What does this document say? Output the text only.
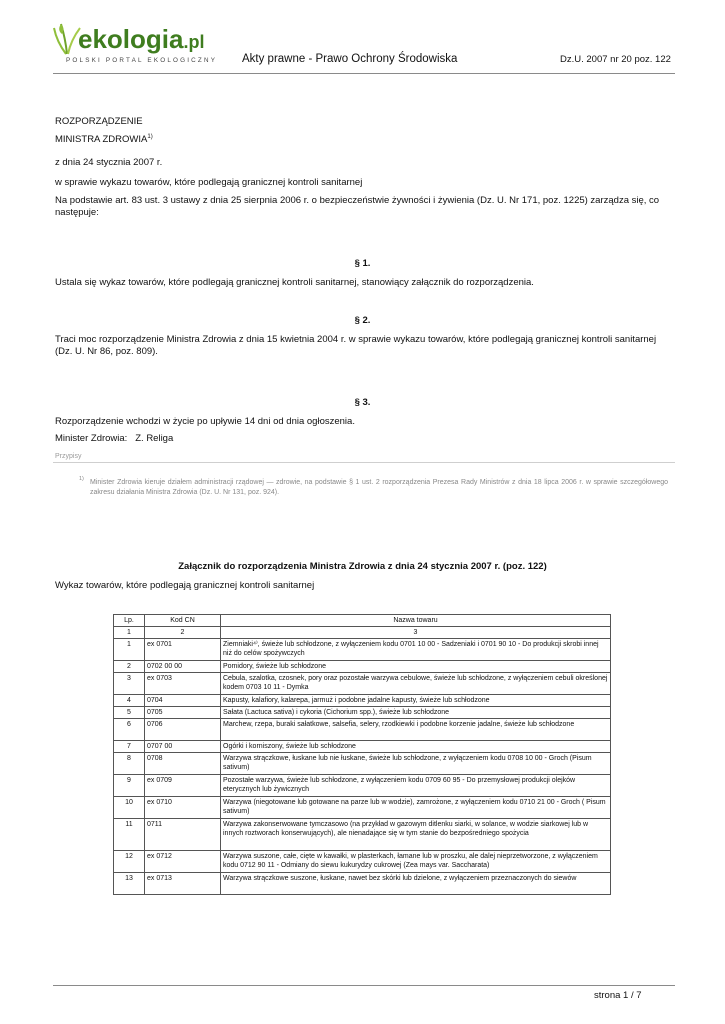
ekologia.pl
POLSKI PORTAL EKOLOGICZNY Akty prawne - Prawo Ochrony Środowiska	Dz.U. 2007 nr 20 poz. 122
ROZPORZĄDZENIE
MINISTRA ZDROWIA$^{1)}$
z dnia 24 stycznia 2007 r.
w sprawie wykazu towarów, które podlegają granicznej kontroli sanitarnej
Na podstawie art. 83 ust. 3 ustawy z dnia 25 sierpnia 2006 r. o bezpieczeństwie żywności i żywienia (Dz. U. Nr 171, poz. 1225) zarządza się, co następuje:
§ 1.
Ustala się wykaz towarów, które podlegają granicznej kontroli sanitarnej, stanowiący załącznik do rozporządzenia.
§ 2.
Traci moc rozporządzenie Ministra Zdrowia z dnia 15 kwietnia 2004 r. w sprawie wykazu towarów, które podlegają granicznej kontroli sanitarnej (Dz. U. Nr 86, poz. 809).
§ 3.
Rozporządzenie wchodzi w życie po upływie 14 dni od dnia ogłoszenia.
Minister Zdrowia:   Z. Religa
Przypisy
1) Minister Zdrowia kieruje działem administracji rządowej — zdrowie, na podstawie § 1 ust. 2 rozporządzenia Prezesa Rady Ministrów z dnia 18 lipca 2006 r. w sprawie szczegółowego zakresu działania Ministra Zdrowia (Dz. U. Nr 131, poz. 924).
Załącznik do rozporządzenia Ministra Zdrowia z dnia 24 stycznia 2007 r. (poz. 122)
Wykaz towarów, które podlegają granicznej kontroli sanitarnej
Lp.	Kod CN	Nazwa towaru
1	2	3
1	ex 0701	Ziemniaki⁴⁾, świeże lub schłodzone, z wyłączeniem kodu 0701 10 00 - Sadzeniaki i 0701 90 10 - Do produkcji skrobi innej niż do celów spożywczych
2	0702 00 00	Pomidory, świeże lub schłodzone
3	ex 0703	Cebula, szalotka, czosnek, pory oraz pozostałe warzywa cebulowe, świeże lub schłodzone, z wyłączeniem cebuli określonej kodem 0703 10 11 - Dymka
4	0704	Kapusty, kalafiory, kalarepa, jarmuż i podobne jadalne kapusty, świeże lub schłodzone
5	0705	Sałata (Lactuca sativa) i cykoria (Cichorium spp.), świeże lub schłodzone
6	0706	Marchew, rzepa, buraki sałatkowe, salsefia, selery, rzodkiewki i podobne korzenie jadalne, świeże lub schłodzone
7	0707 00	Ogórki i korniszony, świeże lub schłodzone
8	0708	Warzywa strączkowe, łuskane lub nie łuskane, świeże lub schłodzone, z wyłączeniem kodu 0708 10 00 - Groch (Pisum sativum)
9	ex 0709	Pozostałe warzywa, świeże lub schłodzone, z wyłączeniem kodu 0709 60 95 - Do przemysłowej produkcji olejków eterycznych lub żywicznych
10	ex 0710	Warzywa (niegotowane lub gotowane na parze lub w wodzie), zamrożone, z wyłączeniem kodu 0710 21 00 - Groch ( Pisum sativum)
11	0711	Warzywa zakonserwowane tymczasowo (na przykład w gazowym ditlenku siarki, w solance, w wodzie siarkowej lub w innych roztworach konserwujących), ale nienadające się w tym stanie do bezpośredniego spożycia
12	ex 0712	Warzywa suszone, całe, cięte w kawałki, w plasterkach, łamane lub w proszku, ale dalej nieprzetworzone, z wyłączeniem kodu 0712 90 11 - Odmiany do siewu kukurydzy cukrowej (Zea mays var. Saccharata)
13	ex 0713	Warzywa strączkowe suszone, łuskane, nawet bez skórki lub dzielone, z wyłączeniem przeznaczonych do siewów
strona 1 / 7
